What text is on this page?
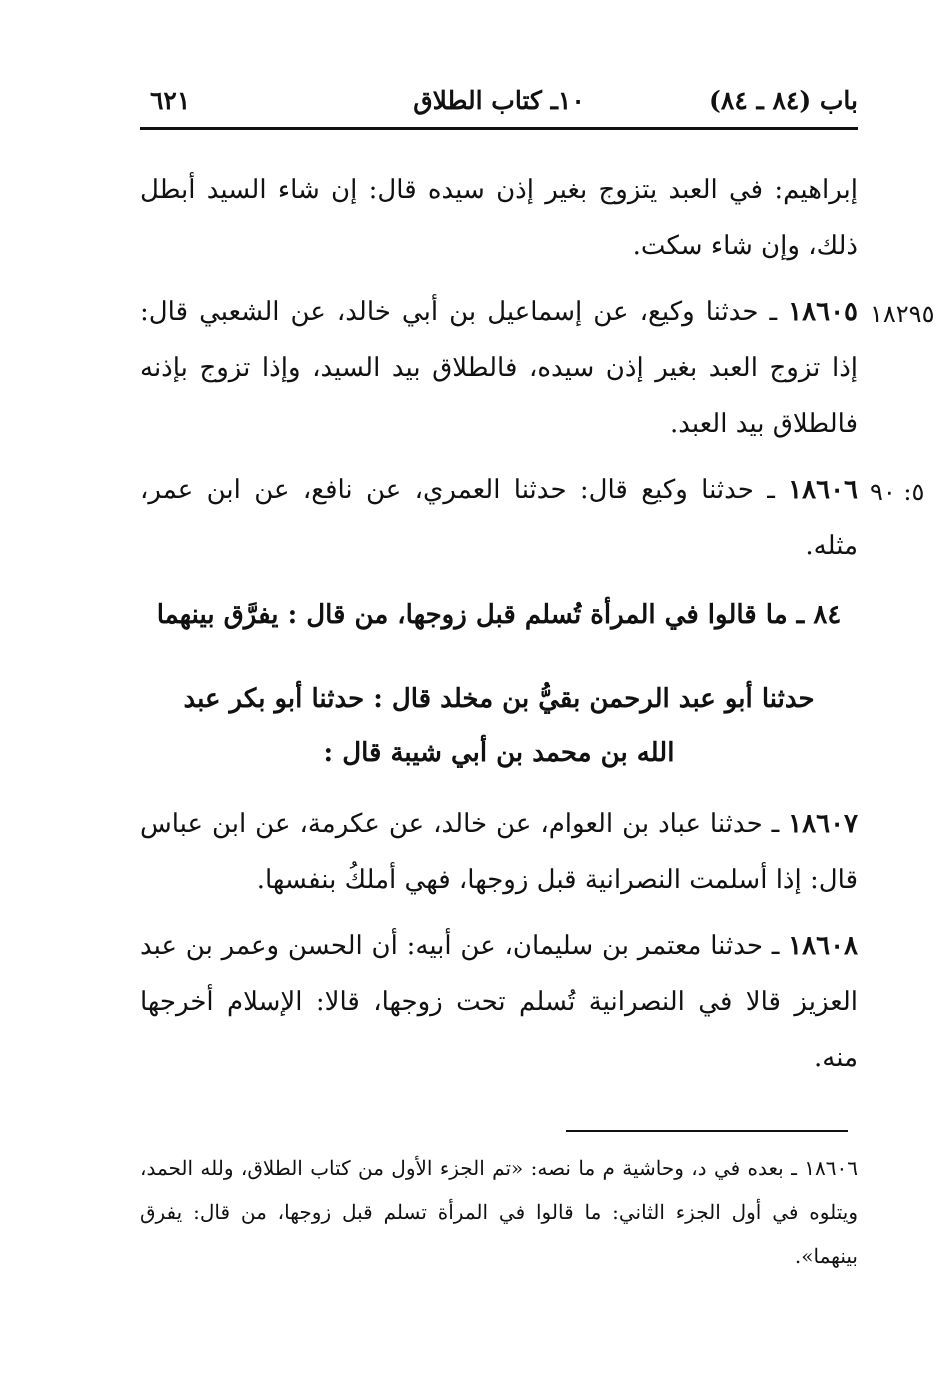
٦٢١	١٠ـ كتاب الطلاق	باب (٨٤ ـ ٨٤)

إبراهيم: في العبد يتزوج بغير إذن سيده قال: إن شاء السيد أبطل ذلك، وإن شاء سكت.

١٨٢٩٥

١٨٦٠٥ ـ حدثنا وكيع، عن إسماعيل بن أبي خالد، عن الشعبي قال: إذا تزوج العبد بغير إذن سيده، فالطلاق بيد السيد، وإذا تزوج بإذنه فالطلاق بيد العبد.

٥: ٩٠

١٨٦٠٦ ـ حدثنا وكيع قال: حدثنا العمري، عن نافع، عن ابن عمر، مثله.

٨٤ ـ ما قالوا في المرأة تُسلم قبل زوجها، من قال : يفرَّق بينهما

حدثنا أبو عبد الرحمن بقيُّ بن مخلد قال : حدثنا أبو بكر عبد الله بن محمد بن أبي شيبة قال :

١٨٦٠٧ ـ حدثنا عباد بن العوام، عن خالد، عن عكرمة، عن ابن عباس قال: إذا أسلمت النصرانية قبل زوجها، فهي أملكُ بنفسها.

١٨٦٠٨ ـ حدثنا معتمر بن سليمان، عن أبيه: أن الحسن وعمر بن عبد العزيز قالا في النصرانية تُسلم تحت زوجها، قالا: الإسلام أخرجها منه.

١٨٦٠٦ ـ بعده في د، وحاشية م ما نصه: «تم الجزء الأول من كتاب الطلاق، ولله الحمد، ويتلوه في أول الجزء الثاني: ما قالوا في المرأة تسلم قبل زوجها، من قال: يفرق بينهما».
